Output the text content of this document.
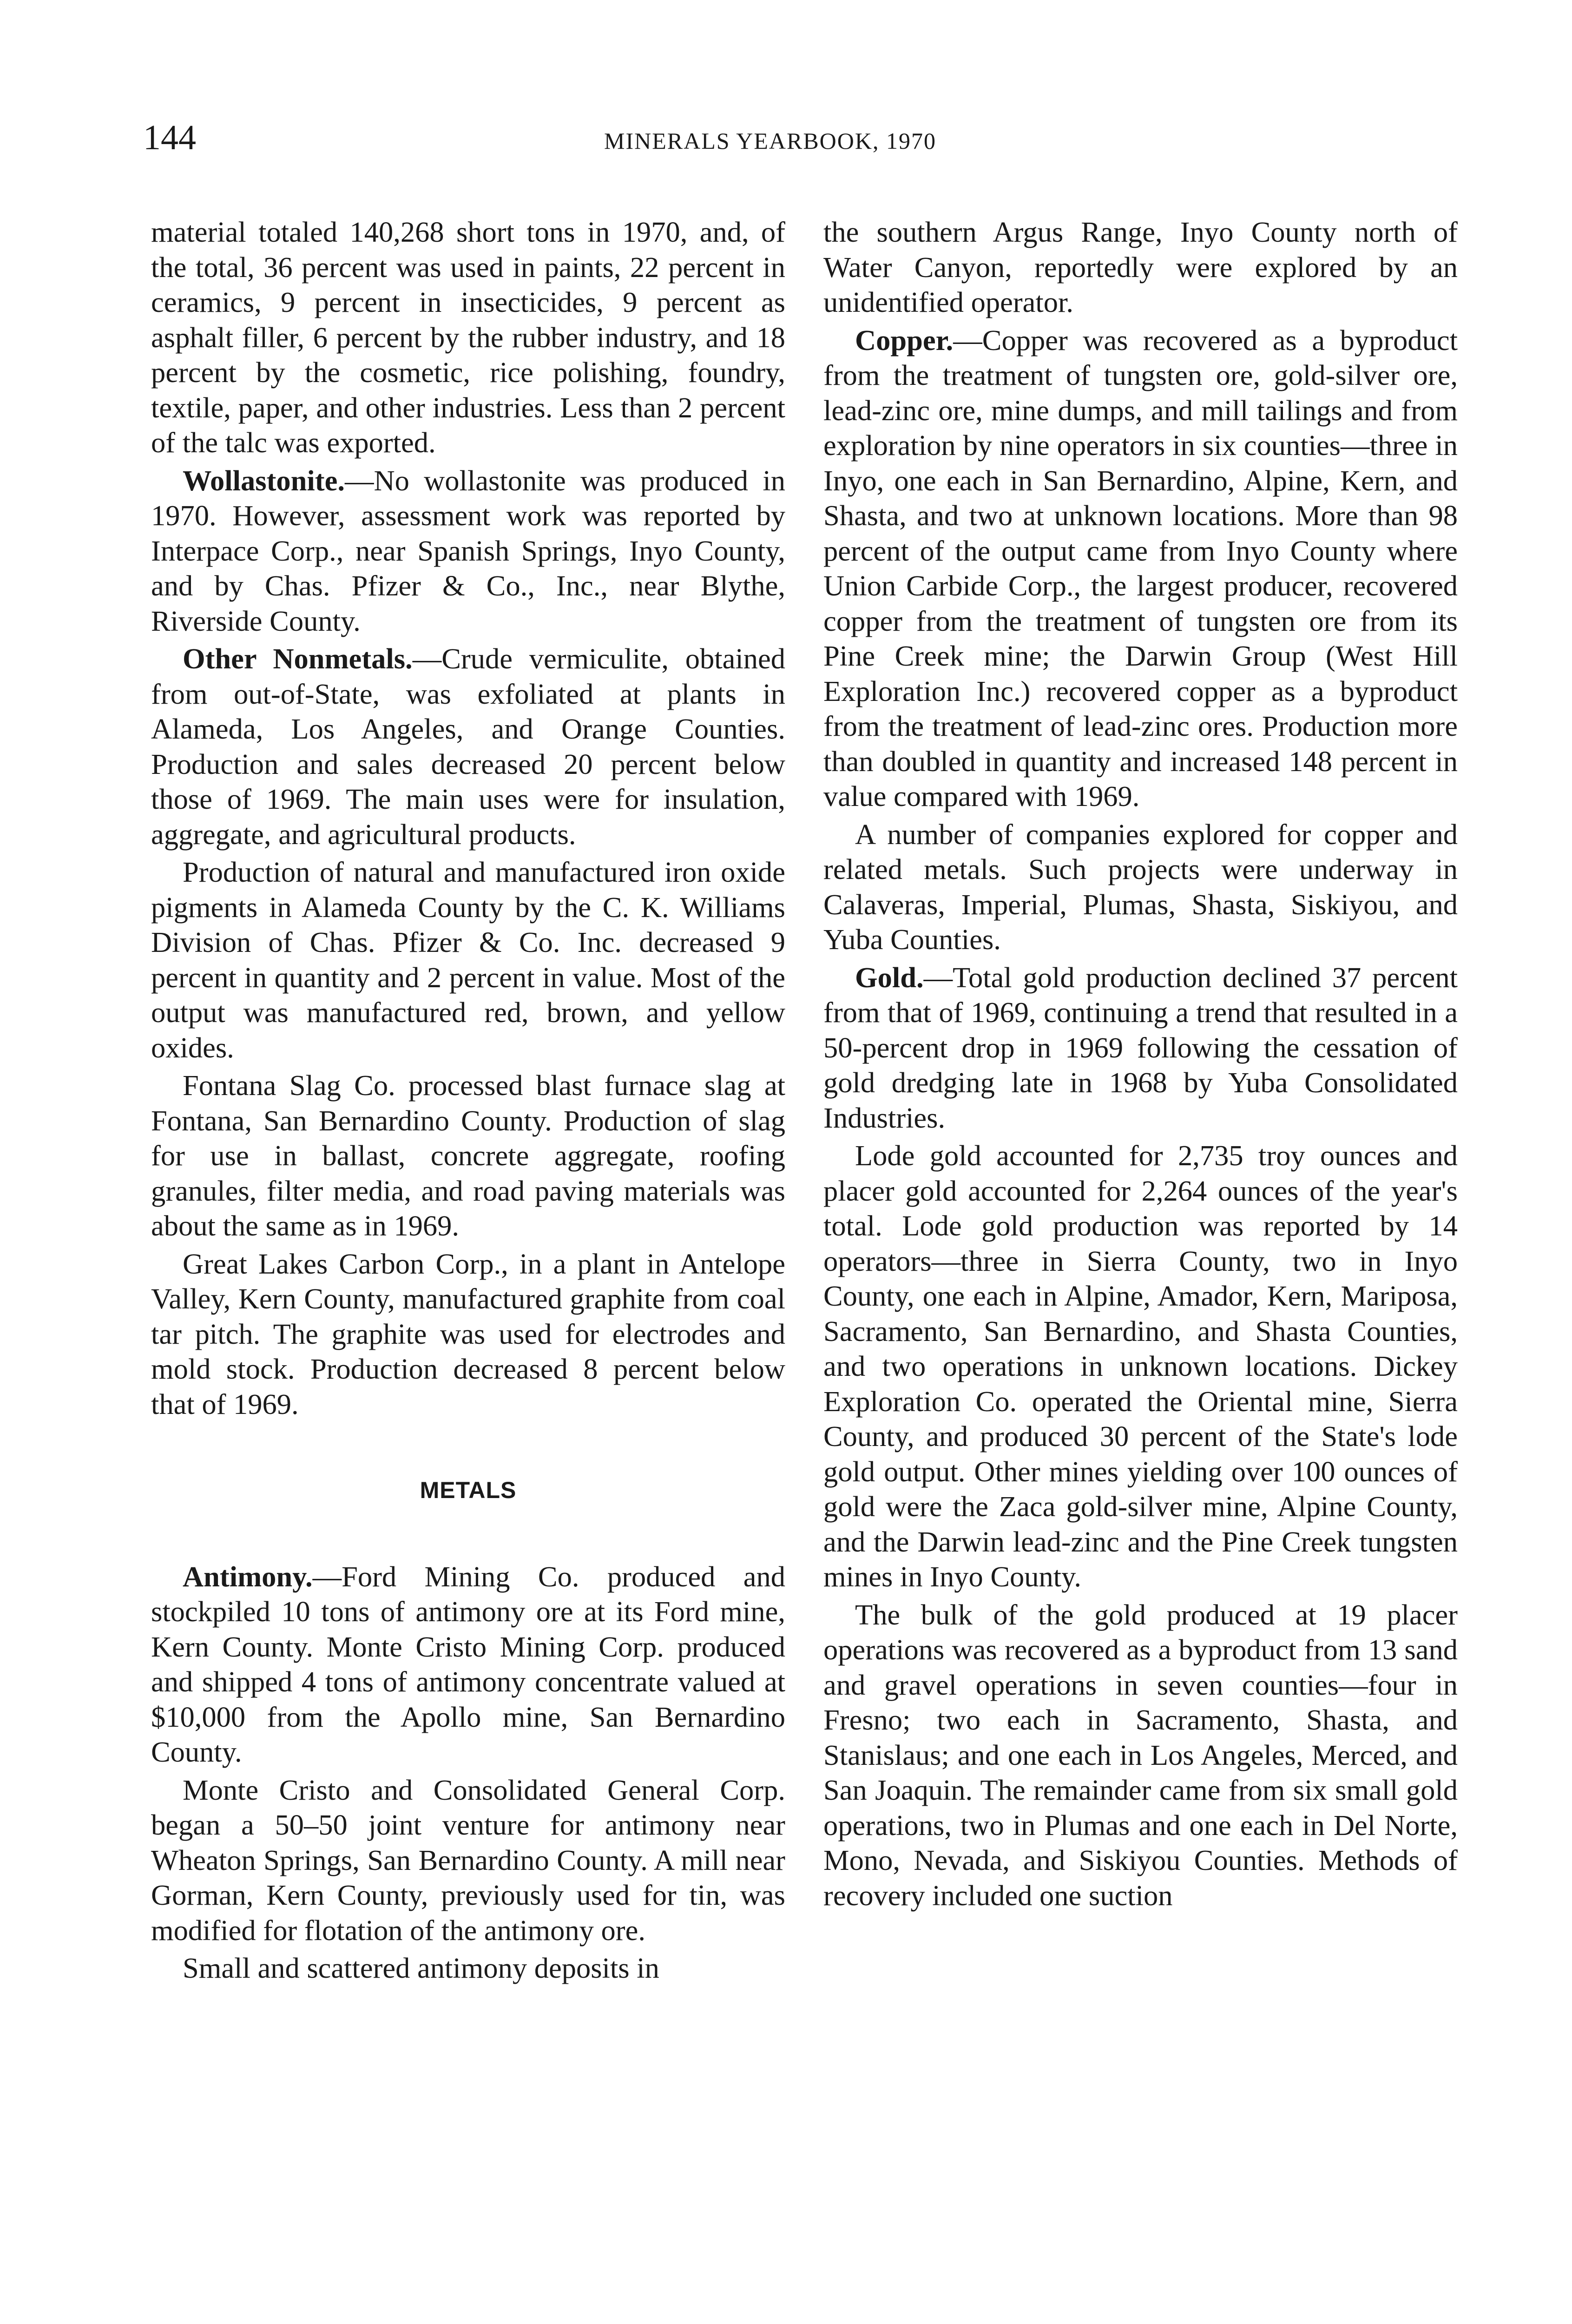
144	MINERALS YEARBOOK, 1970

material totaled 140,268 short tons in 1970, and, of the total, 36 percent was used in paints, 22 percent in ceramics, 9 percent in insecticides, 9 percent as asphalt filler, 6 percent by the rubber industry, and 18 percent by the cosmetic, rice polishing, foundry, textile, paper, and other industries. Less than 2 percent of the talc was exported.

Wollastonite.—No wollastonite was produced in 1970. However, assessment work was reported by Interpace Corp., near Spanish Springs, Inyo County, and by Chas. Pfizer & Co., Inc., near Blythe, Riverside County.

Other Nonmetals.—Crude vermiculite, obtained from out-of-State, was exfoliated at plants in Alameda, Los Angeles, and Orange Counties. Production and sales decreased 20 percent below those of 1969. The main uses were for insulation, aggregate, and agricultural products.

Production of natural and manufactured iron oxide pigments in Alameda County by the C. K. Williams Division of Chas. Pfizer & Co. Inc. decreased 9 percent in quantity and 2 percent in value. Most of the output was manufactured red, brown, and yellow oxides.

Fontana Slag Co. processed blast furnace slag at Fontana, San Bernardino County. Production of slag for use in ballast, concrete aggregate, roofing granules, filter media, and road paving materials was about the same as in 1969.

Great Lakes Carbon Corp., in a plant in Antelope Valley, Kern County, manufactured graphite from coal tar pitch. The graphite was used for electrodes and mold stock. Production decreased 8 percent below that of 1969.

METALS

Antimony.—Ford Mining Co. produced and stockpiled 10 tons of antimony ore at its Ford mine, Kern County. Monte Cristo Mining Corp. produced and shipped 4 tons of antimony concentrate valued at $10,000 from the Apollo mine, San Bernardino County.

Monte Cristo and Consolidated General Corp. began a 50–50 joint venture for antimony near Wheaton Springs, San Bernardino County. A mill near Gorman, Kern County, previously used for tin, was modified for flotation of the antimony ore.

Small and scattered antimony deposits in

the southern Argus Range, Inyo County north of Water Canyon, reportedly were explored by an unidentified operator.

Copper.—Copper was recovered as a byproduct from the treatment of tungsten ore, gold-silver ore, lead-zinc ore, mine dumps, and mill tailings and from exploration by nine operators in six counties—three in Inyo, one each in San Bernardino, Alpine, Kern, and Shasta, and two at unknown locations. More than 98 percent of the output came from Inyo County where Union Carbide Corp., the largest producer, recovered copper from the treatment of tungsten ore from its Pine Creek mine; the Darwin Group (West Hill Exploration Inc.) recovered copper as a byproduct from the treatment of lead-zinc ores. Production more than doubled in quantity and increased 148 percent in value compared with 1969.

A number of companies explored for copper and related metals. Such projects were underway in Calaveras, Imperial, Plumas, Shasta, Siskiyou, and Yuba Counties.

Gold.—Total gold production declined 37 percent from that of 1969, continuing a trend that resulted in a 50-percent drop in 1969 following the cessation of gold dredging late in 1968 by Yuba Consolidated Industries.

Lode gold accounted for 2,735 troy ounces and placer gold accounted for 2,264 ounces of the year's total. Lode gold production was reported by 14 operators—three in Sierra County, two in Inyo County, one each in Alpine, Amador, Kern, Mariposa, Sacramento, San Bernardino, and Shasta Counties, and two operations in unknown locations. Dickey Exploration Co. operated the Oriental mine, Sierra County, and produced 30 percent of the State's lode gold output. Other mines yielding over 100 ounces of gold were the Zaca gold-silver mine, Alpine County, and the Darwin lead-zinc and the Pine Creek tungsten mines in Inyo County.

The bulk of the gold produced at 19 placer operations was recovered as a byproduct from 13 sand and gravel operations in seven counties—four in Fresno; two each in Sacramento, Shasta, and Stanislaus; and one each in Los Angeles, Merced, and San Joaquin. The remainder came from six small gold operations, two in Plumas and one each in Del Norte, Mono, Nevada, and Siskiyou Counties. Methods of recovery included one suction
